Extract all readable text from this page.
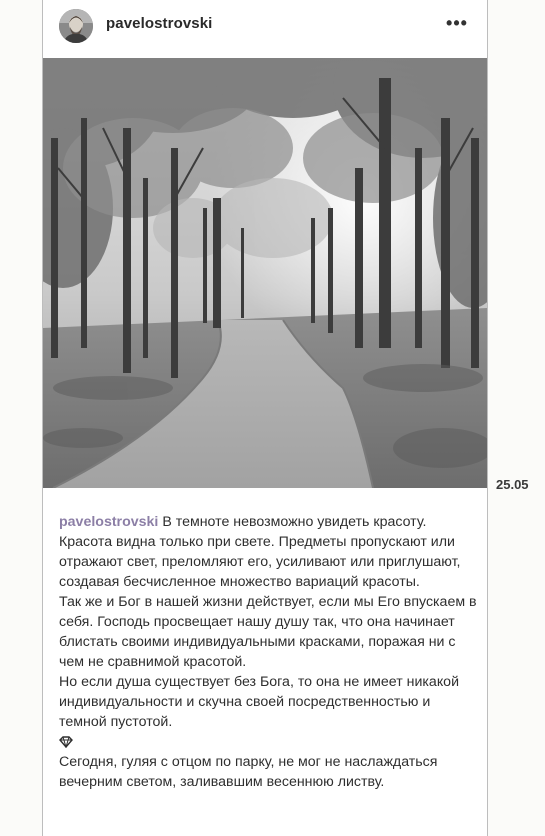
pavelostrovski	•••

pavelostrovski В темноте невозможно увидеть красоту. Красота видна только при свете. Предметы пропускают или отражают свет, преломляют его, усиливают или приглушают, создавая бесчисленное множество вариаций красоты.

Так же и Бог в нашей жизни действует, если мы Его впускаем в себя. Господь просвещает нашу душу так, что она начинает блистать своими индивидуальными красками, поражая ни с чем не сравнимой красотой.

Но если душа существует без Бога, то она не имеет никакой индивидуальности и скучна своей посредственностью и темной пустотой.

Сегодня, гуляя с отцом по парку, не мог не наслаждаться вечерним светом, заливавшим весеннюю листву.

25.05
